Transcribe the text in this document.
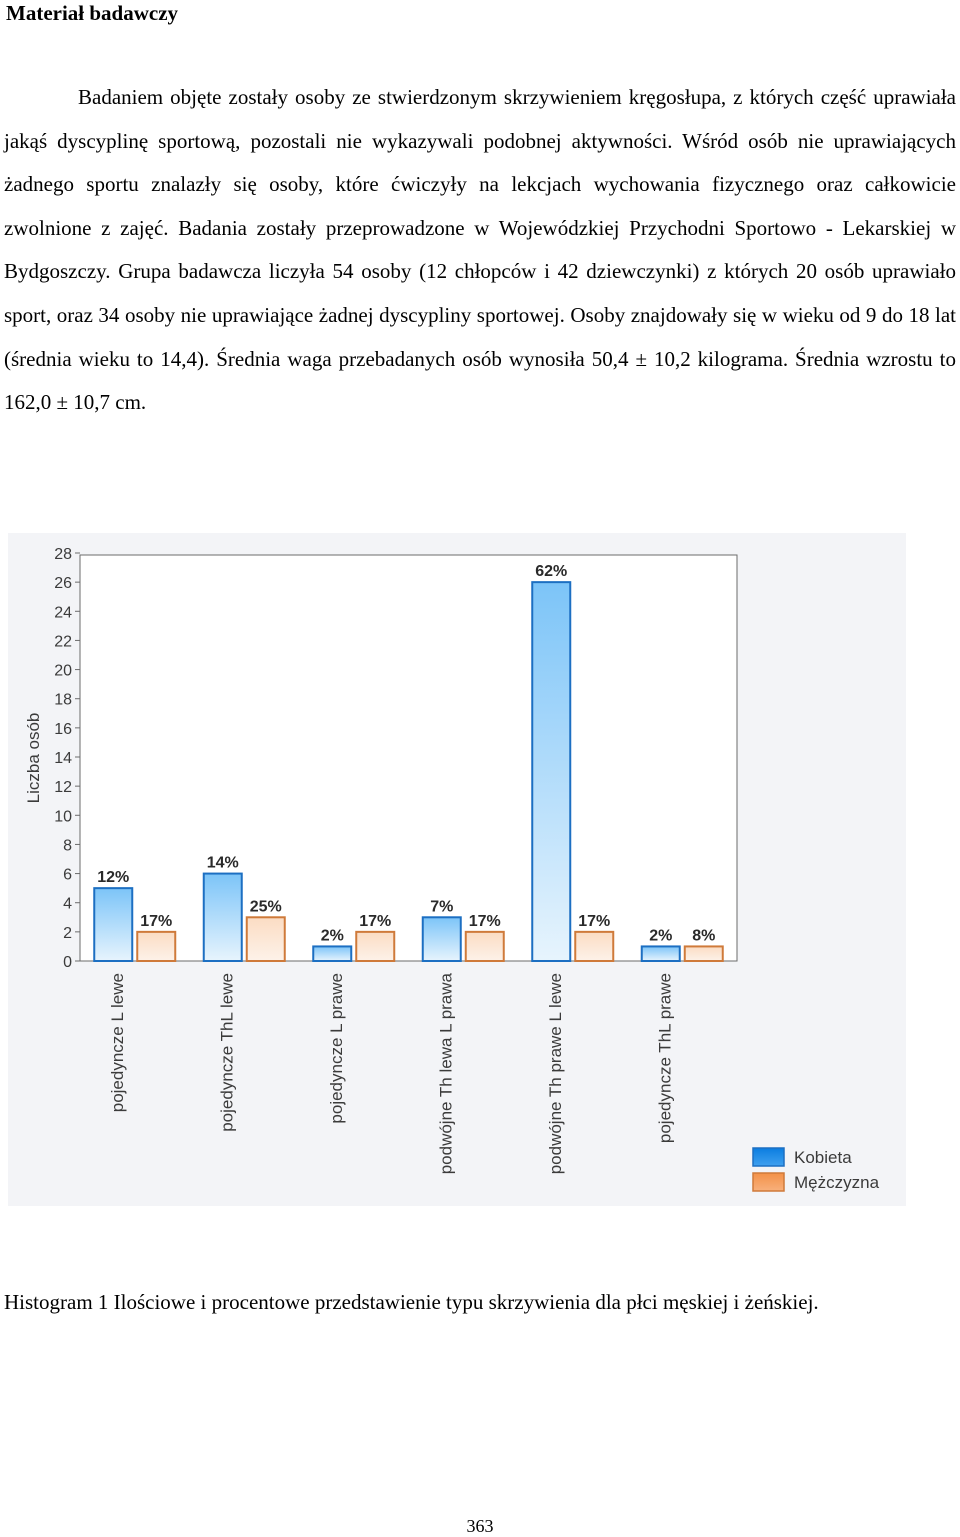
Materiał badawczy
Badaniem objęte zostały osoby ze stwierdzonym skrzywieniem kręgosłupa, z których część uprawiała jakąś dyscyplinę sportową, pozostali nie wykazywali podobnej aktywności. Wśród osób nie uprawiających żadnego sportu znalazły się osoby, które ćwiczyły na lekcjach wychowania fizycznego oraz całkowicie zwolnione z zajęć. Badania zostały przeprowadzone w Wojewódzkiej Przychodni Sportowo - Lekarskiej w Bydgoszczy. Grupa badawcza liczyła 54 osoby (12 chłopców i 42 dziewczynki) z których 20 osób uprawiało sport, oraz 34 osoby nie uprawiające żadnej dyscypliny sportowej. Osoby znajdowały się w wieku od 9 do 18 lat (średnia wieku to 14,4). Średnia waga przebadanych osób wynosiła 50,4 ± 10,2 kilograma. Średnia wzrostu to 162,0 ± 10,7 cm.
0
2
4
6
8
10
12
14
16
18
20
22
24
26
28
12%
17%
14%
25%
2%
17%
7%
17%
62%
17%
2% 8%
pojedyncze L lewe	pojedyncze ThL lewe	pojedyncze L prawe	podwójne Th lewa L prawa	podwójne Th prawe L lewe	pojedyncze ThL prawe
Liczba osób
Kobieta
Mężczyzna
Histogram 1 Ilościowe i procentowe przedstawienie typu skrzywienia dla płci męskiej i żeńskiej.
363
